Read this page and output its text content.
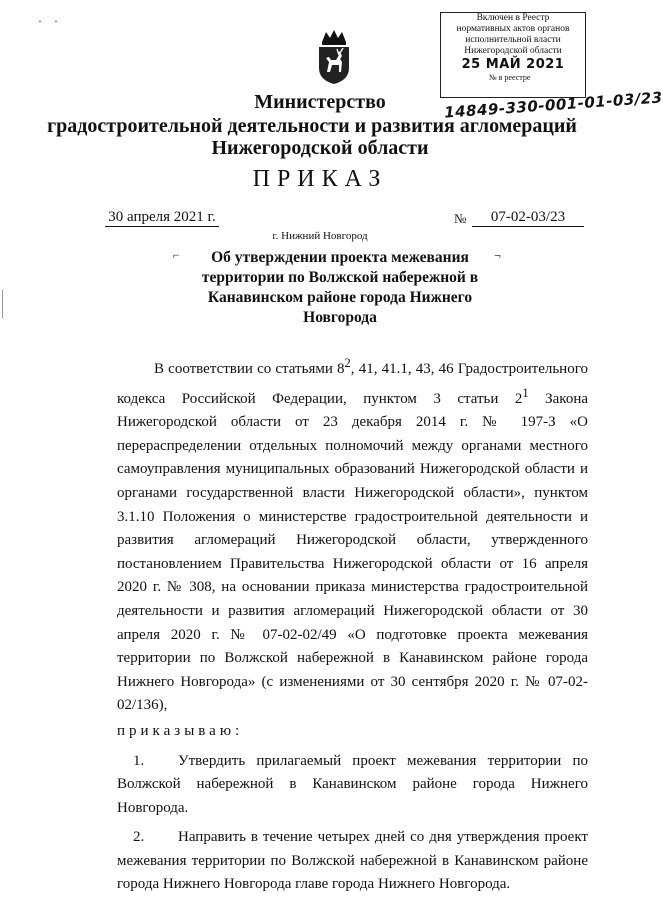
·    ·	Включен в Реестр
нормативных актов органов
исполнительной власти
Нижегородской области
25 МАЙ 2021
№ в реестре
14849-330-001-01-03/23
Министерство
градостроительной деятельности и развития агломераций
Нижегородской области
ПРИКАЗ
30 апреля 2021 г.	№	07-02-03/23
г. Нижний Новгород
⌐	¬
Об утверждении проекта межевания территории по Волжской набережной в Канавинском районе города Нижнего Новгорода

В соответствии со статьями $8^2$, 41, 41.1, 43, 46 Градостроительного кодекса Российской Федерации, пунктом 3 статьи $2^1$ Закона Нижегородской области от 23 декабря 2014 г. № 197-З «О перераспределении отдельных полномочий между органами местного самоуправления муниципальных образований Нижегородской области и органами государственной власти Нижегородской области», пунктом 3.1.10 Положения о министерстве градостроительной деятельности и развития агломераций Нижегородской области, утвержденного постановлением Правительства Нижегородской области от 16 апреля 2020 г. № 308, на основании приказа министерства градостроительной деятельности и развития агломераций Нижегородской области от 30 апреля 2020 г. № 07-02-02/49 «О подготовке проекта межевания территории по Волжской набережной в Канавинском районе города Нижнего Новгорода» (с изменениями от 30 сентября 2020 г. № 07-02-02/136),

приказываю:

1. Утвердить прилагаемый проект межевания территории по Волжской набережной в Канавинском районе города Нижнего Новгорода.

2. Направить в течение четырех дней со дня утверждения проект межевания территории по Волжской набережной в Канавинском районе города Нижнего Новгорода главе города Нижнего Новгорода.
